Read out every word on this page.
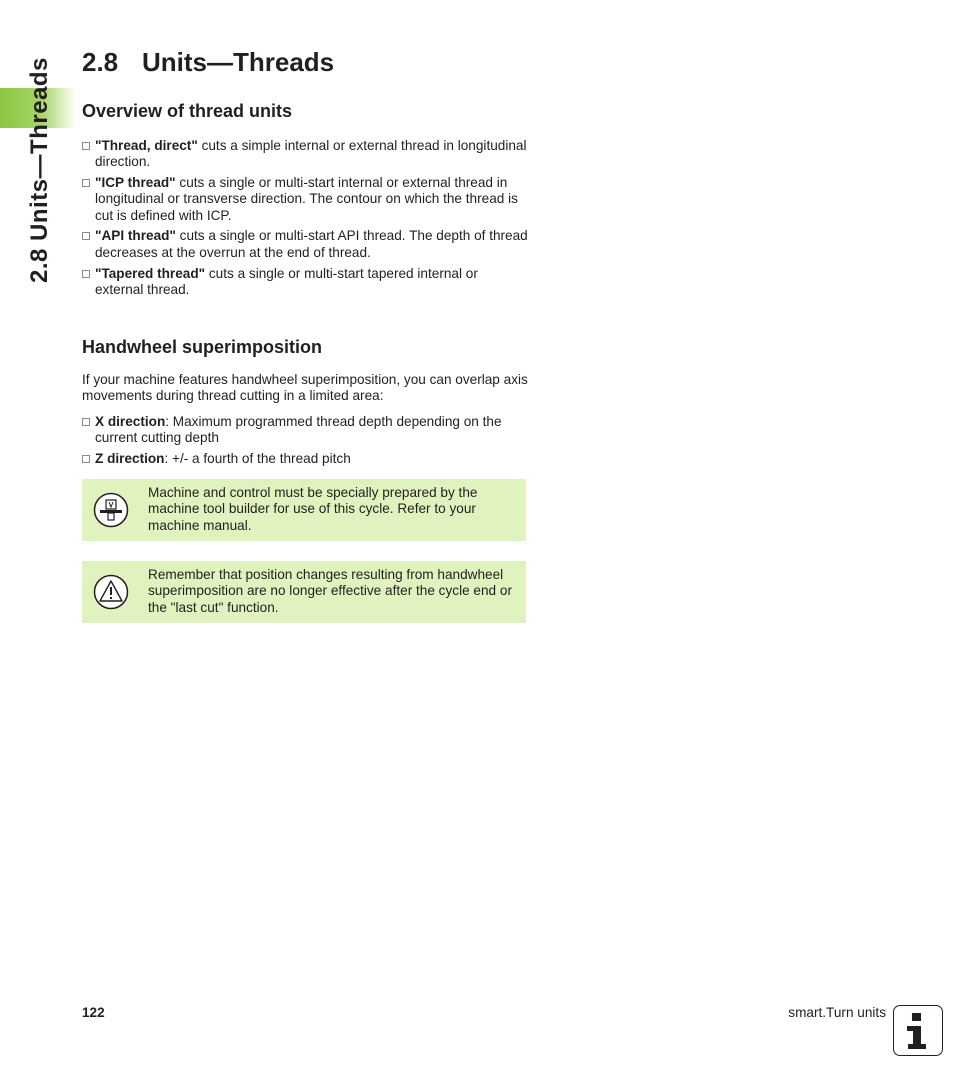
2.8 Units—Threads 2.8 Units—Threads
Overview of thread units
"Thread, direct" cuts a simple internal or external thread in longitudinal direction.
"ICP thread" cuts a single or multi-start internal or external thread in longitudinal or transverse direction. The contour on which the thread is cut is defined with ICP.
"API thread" cuts a single or multi-start API thread. The depth of thread decreases at the overrun at the end of thread.
"Tapered thread" cuts a single or multi-start tapered internal or external thread.
Handwheel superimposition

If your machine features handwheel superimposition, you can overlap axis movements during thread cutting in a limited area:

X direction: Maximum programmed thread depth depending on the current cutting depth
Z direction: +/- a fourth of the thread pitch
Machine and control must be specially prepared by the machine tool builder for use of this cycle. Refer to your machine manual.
Remember that position changes resulting from handwheel superimposition are no longer effective after the cycle end or the "last cut" function.
122	smart.Turn units
